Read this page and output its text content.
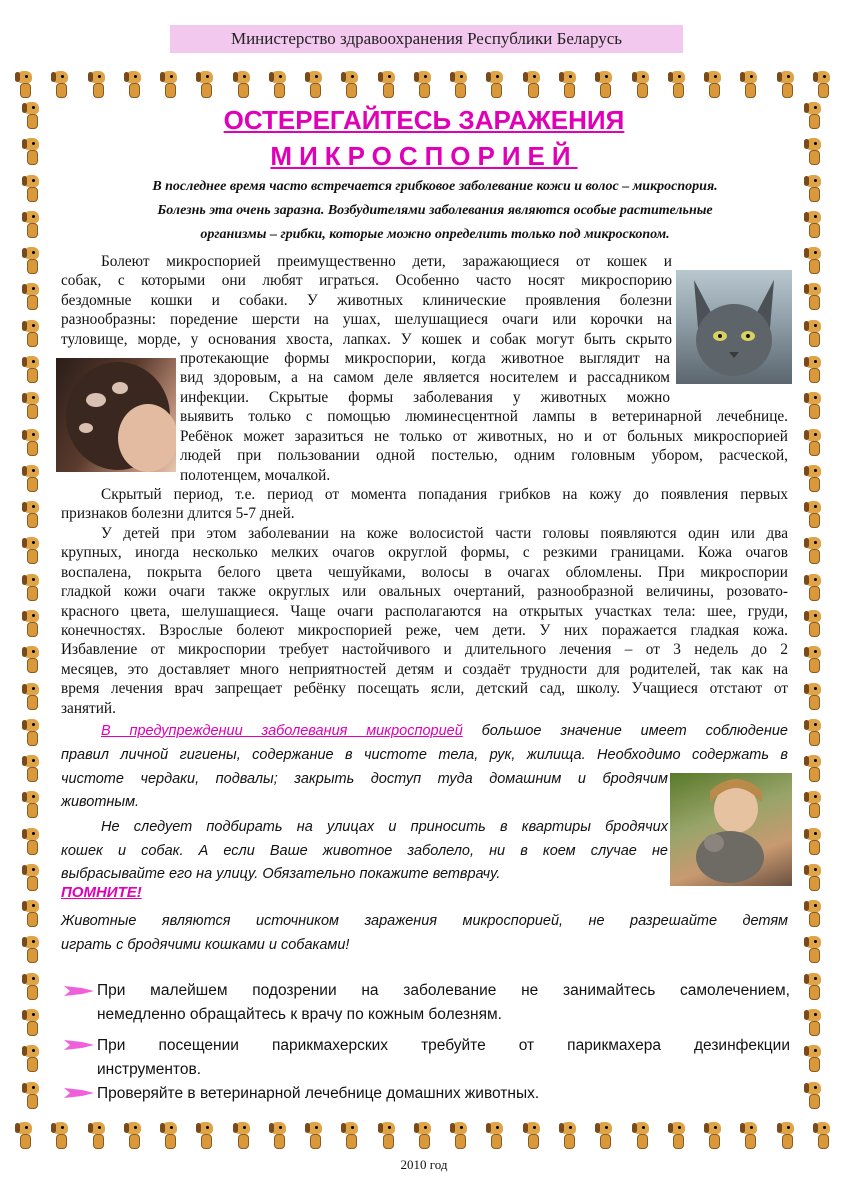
Министерство здравоохранения Республики Беларусь
ОСТЕРЕГАЙТЕСЬ ЗАРАЖЕНИЯ
МИКРОСПОРИЕЙ
В последнее время часто встречается грибковое заболевание кожи и волос – микроспория.
Болезнь эта очень заразна. Возбудителями заболевания являются особые растительные
организмы – грибки, которые можно определить только под микроскопом.
Болеют микроспорией преимущественно дети, заражающиеся от кошек и
собак, с которыми они любят играться. Особенно часто носят микроспорию
бездомные кошки и собаки. У животных клинические проявления болезни
разнообразны: поредение шерсти на ушах, шелушащиеся очаги или корочки на
туловище, морде, у основания хвоста, лапках. У кошек и собак могут быть скрыто
протекающие формы микроспории, когда животное выглядит на
вид здоровым, а на самом деле является носителем и рассадником
инфекции. Скрытые формы заболевания у животных можно
выявить только с помощью люминесцентной лампы в ветеринарной лечебнице.
Ребёнок может заразиться не только от животных, но и от больных микроспорией
людей при пользовании одной постелью, одним головным убором, расческой,
полотенцем, мочалкой.
Скрытый период, т.е. период от момента попадания грибков на кожу до появления первых
признаков болезни длится 5-7 дней.
У детей при этом заболевании на коже волосистой части головы появляются один или два
крупных, иногда несколько мелких очагов округлой формы, с резкими границами. Кожа очагов
воспалена, покрыта белого цвета чешуйками, волосы в очагах обломлены. При микроспории
гладкой кожи очаги также округлых или овальных очертаний, разнообразной величины, розовато-
красного цвета, шелушащиеся. Чаще очаги располагаются на открытых участках тела: шее, груди,
конечностях. Взрослые болеют микроспорией реже, чем дети. У них поражается гладкая кожа.
Избавление от микроспории требует настойчивого и длительного лечения – от 3 недель до 2
месяцев, это доставляет много неприятностей детям и создаёт трудности для родителей, так как на
время лечения врач запрещает ребёнку посещать ясли, детский сад, школу. Учащиеся отстают от
занятий.
В предупреждении заболевания микроспорией большое значение имеет соблюдение
правил личной гигиены, содержание в чистоте тела, рук, жилища. Необходимо содержать в
чистоте чердаки, подвалы; закрыть доступ туда домашним и бродячим
животным.
Не следует подбирать на улицах и приносить в квартиры бродячих
кошек и собак. А если Ваше животное заболело, ни в коем случае не
выбрасывайте его на улицу. Обязательно покажите ветврачу.
ПОМНИТЕ!
Животные являются источником заражения микроспорией, не разрешайте детям
играть с бродячими кошками и собаками!
При малейшем подозрении на заболевание не занимайтесь самолечением,
немедленно обращайтесь к врачу по кожным болезням.
При посещении парикмахерских требуйте от парикмахера дезинфекции
инструментов.
Проверяйте в ветеринарной лечебнице домашних животных.
2010 год
